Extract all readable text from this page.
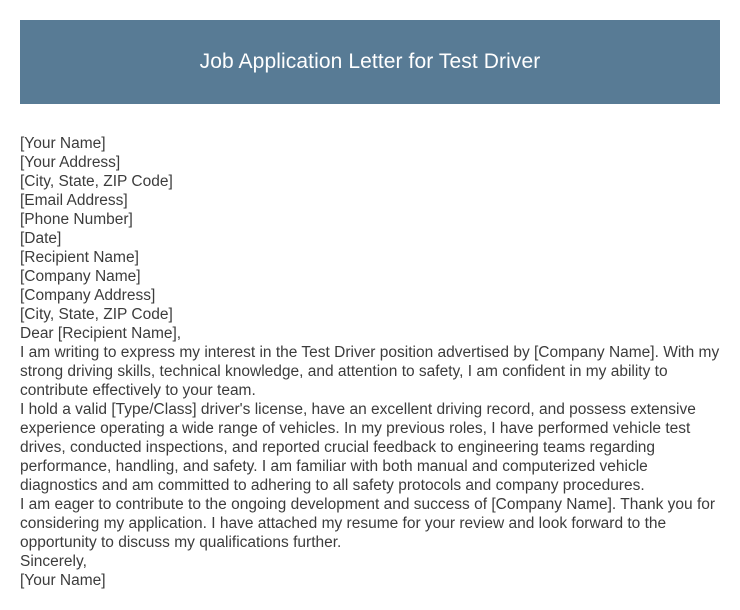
Job Application Letter for Test Driver
[Your Name]
[Your Address]
[City, State, ZIP Code]
[Email Address]
[Phone Number]
[Date]
[Recipient Name]
[Company Name]
[Company Address]
[City, State, ZIP Code]
Dear [Recipient Name],
I am writing to express my interest in the Test Driver position advertised by [Company Name]. With my strong driving skills, technical knowledge, and attention to safety, I am confident in my ability to contribute effectively to your team.
I hold a valid [Type/Class] driver's license, have an excellent driving record, and possess extensive experience operating a wide range of vehicles. In my previous roles, I have performed vehicle test drives, conducted inspections, and reported crucial feedback to engineering teams regarding performance, handling, and safety. I am familiar with both manual and computerized vehicle diagnostics and am committed to adhering to all safety protocols and company procedures.
I am eager to contribute to the ongoing development and success of [Company Name]. Thank you for considering my application. I have attached my resume for your review and look forward to the opportunity to discuss my qualifications further.
Sincerely,
[Your Name]
